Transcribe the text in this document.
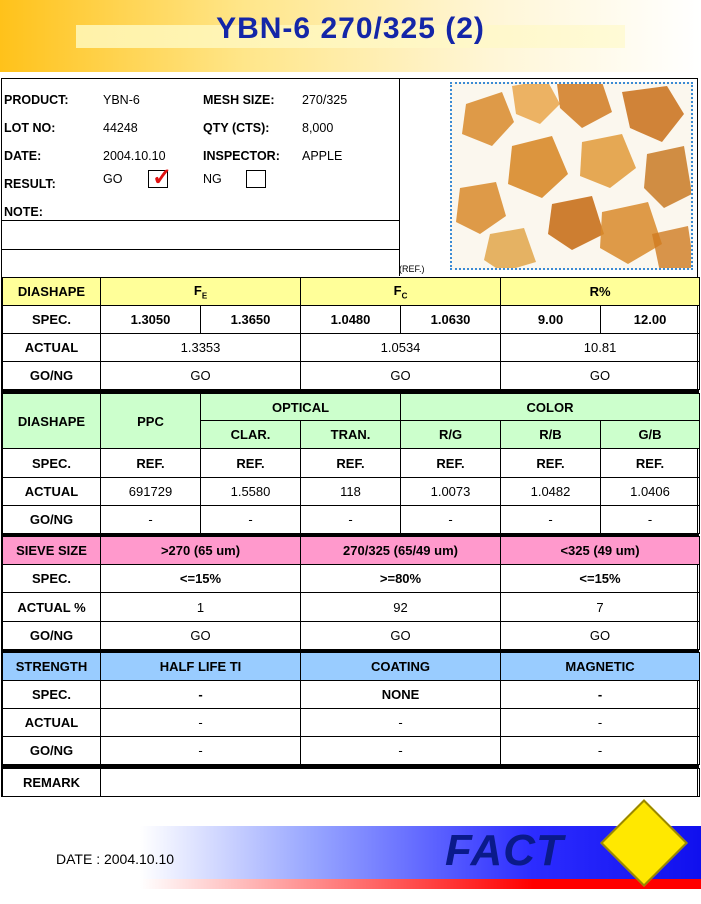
YBN-6 270/325 (2)
PRODUCT:	YBN-6	MESH SIZE: 270/325
LOT NO:	44248	QTY (CTS):	8,000
DATE:	2004.10.10	INSPECTOR: APPLE
RESULT:	GO ✓ NG
NOTE:
DIASHAPE	$F_E$		$F_C$		R%	
SPEC.	1.3050	1.3650	1.0480	1.0630	9.00	12.00
ACTUAL	1.3353		1.0534		10.81	
GO/NG	GO		GO		GO	
DIASHAPE	PPC	OPTICAL		COLOR		
		CLAR.	TRAN.	R/G	R/B	G/B
SPEC.	REF.	REF.	REF.	REF.	REF.	REF.
ACTUAL	691729	1.5580	118	1.0073	1.0482	1.0406
GO/NG	-	-	-	-	-	-
SIEVE SIZE	>270 (65 um)	270/325 (65/49 um)	<325 (49 um)
SPEC.	<=15%	>=80%	<=15%
ACTUAL %	1	92	7
GO/NG	GO	GO	GO
STRENGTH	HALF LIFE TI	COATING	MAGNETIC
SPEC.	-	NONE	-
ACTUAL	-	-	-
GO/NG	-	-	-
REMARK	
(REF.)
FACT
DATE : 2004.10.10
